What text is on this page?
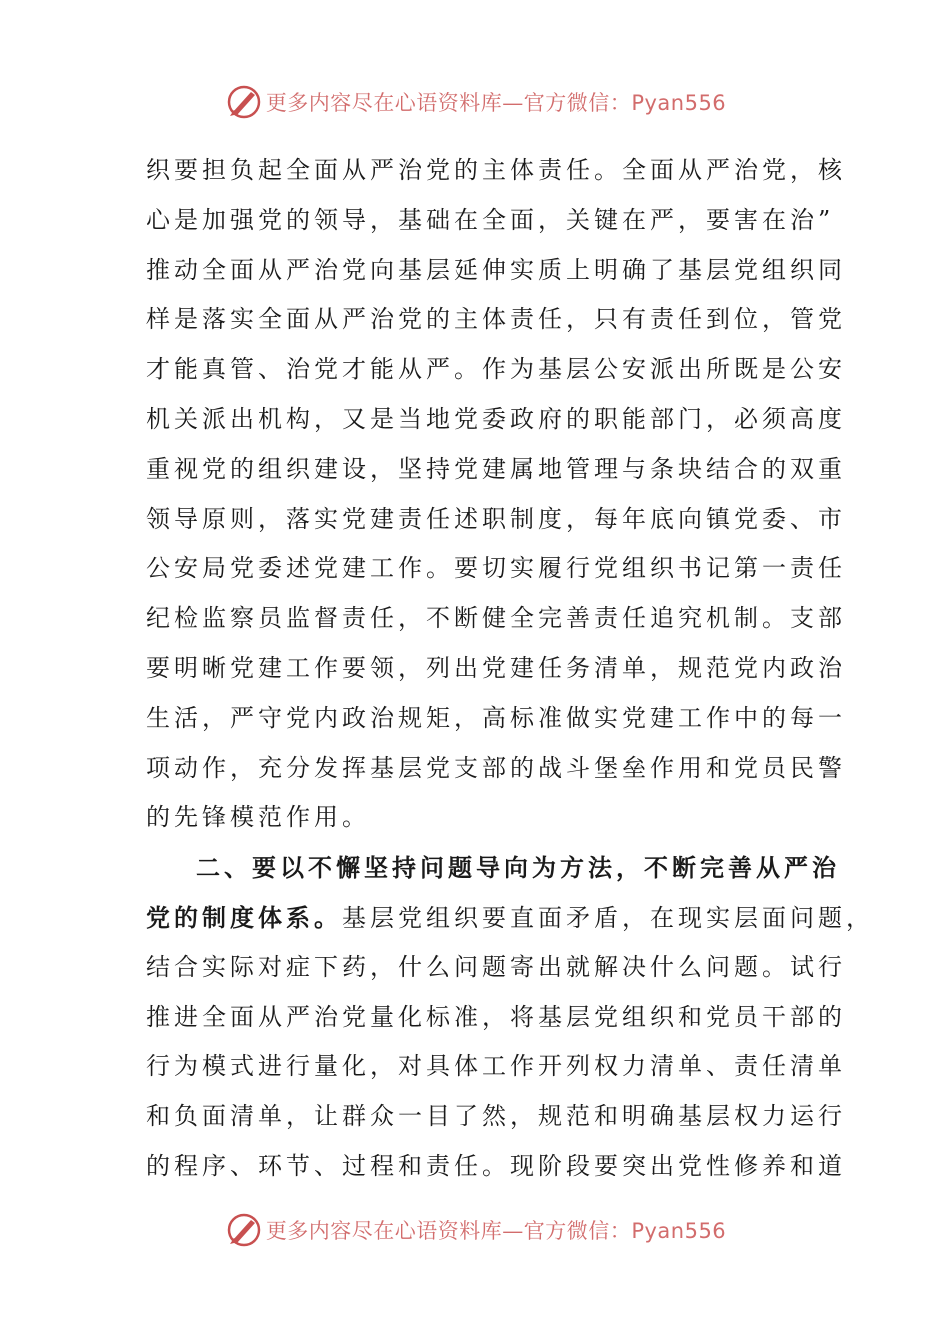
更多内容尽在心语资料库—官方微信：Pyan556
织要担负起全面从严治党的主体责任。全面从严治党，核
心是加强党的领导，基础在全面，关键在严，要害在治”
推动全面从严治党向基层延伸实质上明确了基层党组织同
样是落实全面从严治党的主体责任，只有责任到位，管党
才能真管、治党才能从严。作为基层公安派出所既是公安
机关派出机构，又是当地党委政府的职能部门，必须高度
重视党的组织建设，坚持党建属地管理与条块结合的双重
领导原则，落实党建责任述职制度，每年底向镇党委、市
公安局党委述党建工作。要切实履行党组织书记第一责任
纪检监察员监督责任，不断健全完善责任追究机制。支部
要明晰党建工作要领，列出党建任务清单，规范党内政治
生活，严守党内政治规矩，高标准做实党建工作中的每一
项动作，充分发挥基层党支部的战斗堡垒作用和党员民警
的先锋模范作用。
二、要以不懈坚持问题导向为方法，不断完善从严治
党的制度体系。基层党组织要直面矛盾，在现实层面问题，
结合实际对症下药，什么问题寄出就解决什么问题。试行
推进全面从严治党量化标准，将基层党组织和党员干部的
行为模式进行量化，对具体工作开列权力清单、责任清单
和负面清单，让群众一目了然，规范和明确基层权力运行
的程序、环节、过程和责任。现阶段要突出党性修养和道
更多内容尽在心语资料库—官方微信：Pyan556
